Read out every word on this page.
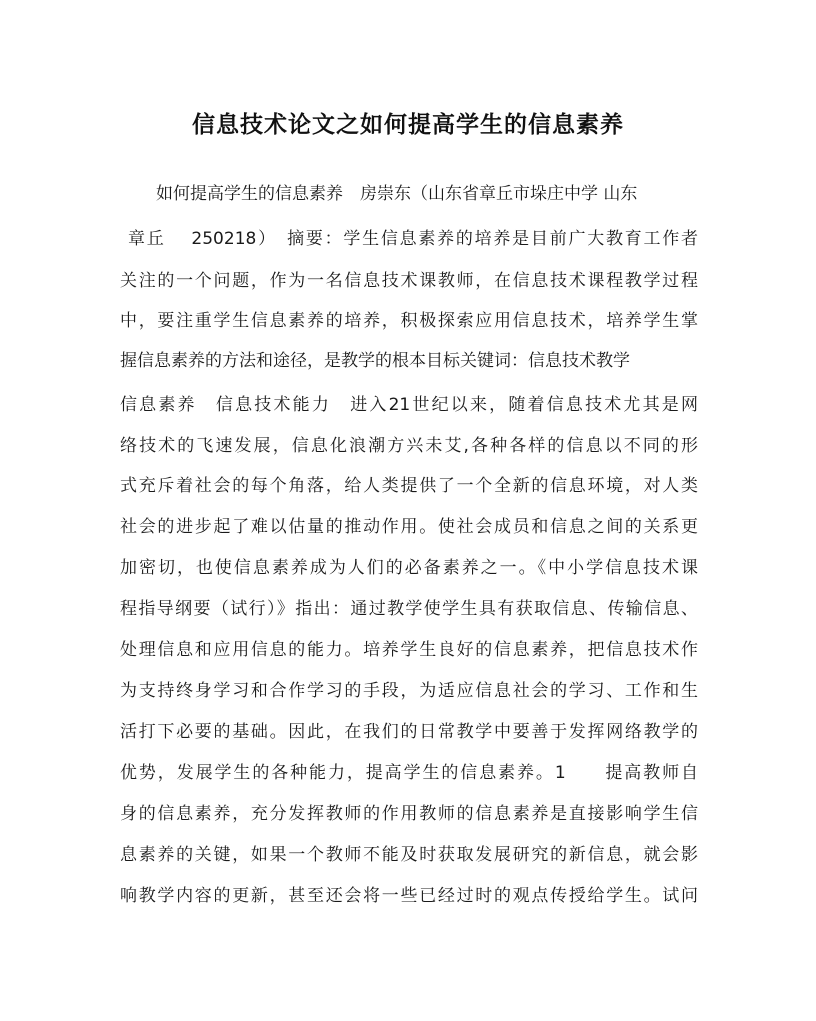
信息技术论文之如何提高学生的信息素养

如何提高学生的信息素养　房崇东（山东省章丘市垛庄中学 山东

章丘　 250218）　摘要：学生信息素养的培养是目前广大教育工作者

关注的一个问题，作为一名信息技术课教师，在信息技术课程教学过程

中，要注重学生信息素养的培养，积极探索应用信息技术，培养学生掌

握信息素养的方法和途径，是教学的根本目标关键词：信息技术教学

信息素养　信息技术能力　进入21世纪以来，随着信息技术尤其是网

络技术的飞速发展，信息化浪潮方兴未艾,各种各样的信息以不同的形

式充斥着社会的每个角落，给人类提供了一个全新的信息环境，对人类

社会的进步起了难以估量的推动作用。使社会成员和信息之间的关系更

加密切，也使信息素养成为人们的必备素养之一。《中小学信息技术课

程指导纲要（试行）》指出：通过教学使学生具有获取信息、传输信息、

处理信息和应用信息的能力。培养学生良好的信息素养，把信息技术作

为支持终身学习和合作学习的手段，为适应信息社会的学习、工作和生

活打下必要的基础。因此，在我们的日常教学中要善于发挥网络教学的

优势，发展学生的各种能力，提高学生的信息素养。1　　提高教师自

身的信息素养，充分发挥教师的作用教师的信息素养是直接影响学生信

息素养的关键，如果一个教师不能及时获取发展研究的新信息，就会影

响教学内容的更新，甚至还会将一些已经过时的观点传授给学生。试问
